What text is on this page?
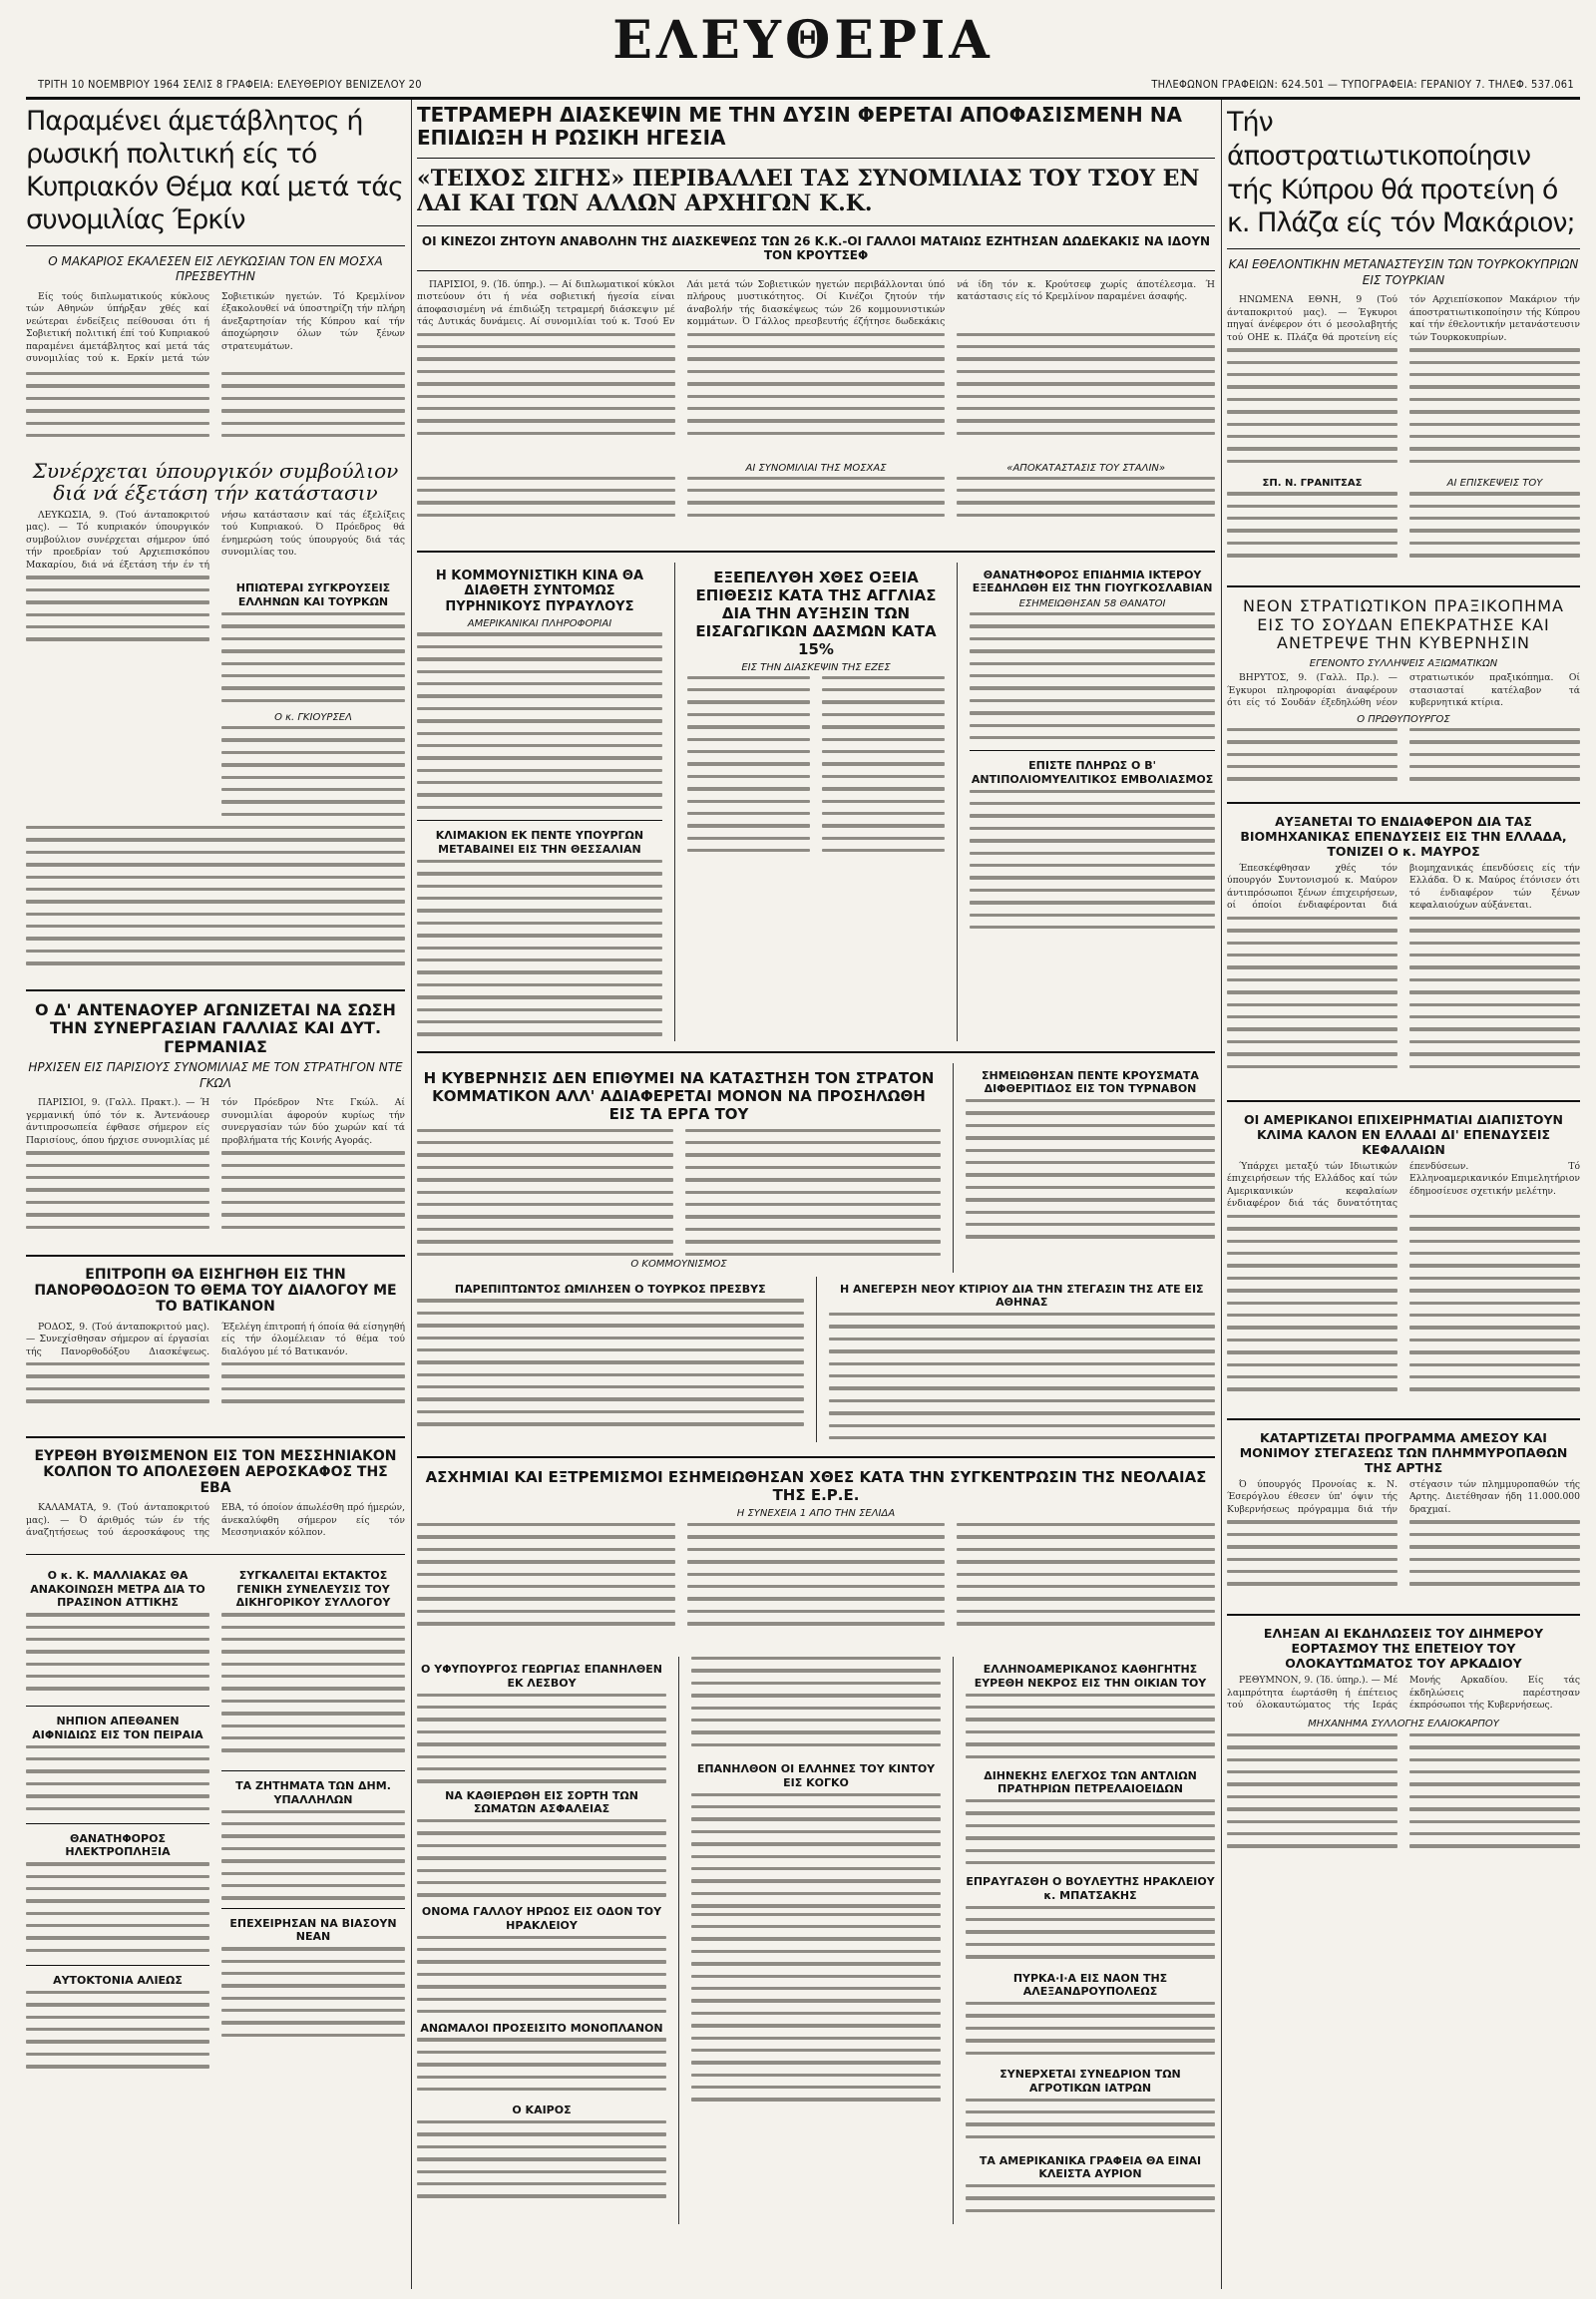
ΤΡΙΤΗ 10 ΝΟΕΜΒΡΙΟΥ 1964 ΣΕΛΙΣ 8 ΓΡΑΦΕΙΑ: ΕΛΕΥΘΕΡΙΟΥ ΒΕΝΙΖΕΛΟΥ 20
ΕΛΕΥΘΕΡΙΑ
ΤΗΛΕΦΩΝΟΝ ΓΡΑΦΕΙΩΝ: 624.501 — ΤΥΠΟΓΡΑΦΕΙΑ: ΓΕΡΑΝΙΟΥ 7. ΤΗΛΕΦ. 537.061
Παραμένει άμετάβλητος ή ρωσική πολιτική είς τό Κυπριακόν Θέμα καί μετά τάς συνομιλίας Έρκίν
Ο ΜΑΚΑΡΙΟΣ ΕΚΑΛΕΣΕΝ ΕΙΣ ΛΕΥΚΩΣΙΑΝ ΤΟΝ ΕΝ ΜΟΣΧΑ ΠΡΕΣΒΕΥΤΗΝ

Είς τούς διπλωματικούς κύκλους τών Αθηνών ύπήρξαν χθές καί νεώτεραι ένδείξεις πείθουσαι ότι ή Σοβιετική πολιτική έπί τού Κυπριακού παραμένει άμετάβλητος καί μετά τάς συνομιλίας τού κ. Ερκίν μετά τών Σοβιετικών ηγετών. Τό Κρεμλίνον έξακολουθεί νά ύποστηρίζη τήν πλήρη άνεξαρτησίαν τής Κύπρου καί τήν άποχώρησιν όλων τών ξένων στρατευμάτων.

Συνέρχεται ύπουργικόν συμβούλιον διά νά έξετάση τήν κατάστασιν

ΛΕΥΚΩΣΙΑ, 9. (Τού άνταποκριτού μας). — Τό κυπριακόν ύπουργικόν συμβούλιον συνέρχεται σήμερον ύπό τήν προεδρίαν τού Αρχιεπισκόπου Μακαρίου, διά νά έξετάση τήν έν τή νήσω κατάστασιν καί τάς έξελίξεις τού Κυπριακού. Ό Πρόεδρος θά ένημερώση τούς ύπουργούς διά τάς συνομιλίας του.

ΗΠΙΩΤΕΡΑΙ ΣΥΓΚΡΟΥΣΕΙΣ ΕΛΛΗΝΩΝ ΚΑΙ ΤΟΥΡΚΩΝ
Ο κ. ΓΚΙΟΥΡΣΕΛ
Ο Δ' ΑΝΤΕΝΑΟΥΕΡ ΑΓΩΝΙΖΕΤΑΙ ΝΑ ΣΩΣΗ ΤΗΝ ΣΥΝΕΡΓΑΣΙΑΝ ΓΑΛΛΙΑΣ ΚΑΙ ΔΥΤ. ΓΕΡΜΑΝΙΑΣ
ΗΡΧΙΣΕΝ ΕΙΣ ΠΑΡΙΣΙΟΥΣ ΣΥΝΟΜΙΛΙΑΣ ΜΕ ΤΟΝ ΣΤΡΑΤΗΓΟΝ ΝΤΕ ΓΚΩΛ

ΠΑΡΙΣΙΟΙ, 9. (Γαλλ. Πρακτ.). — Ή γερμανική ύπό τόν κ. Άντενάουερ άντιπροσωπεία έφθασε σήμερον είς Παρισίους, όπου ήρχισε συνομιλίας μέ τόν Πρόεδρον Ντε Γκώλ. Αί συνομιλίαι άφορούν κυρίως τήν συνεργασίαν τών δύο χωρών καί τά προβλήματα τής Κοινής Αγοράς.

ΕΠΙΤΡΟΠΗ ΘΑ ΕΙΣΗΓΗΘΗ ΕΙΣ ΤΗΝ ΠΑΝΟΡΘΟΔΟΞΟΝ ΤΟ ΘΕΜΑ ΤΟΥ ΔΙΑΛΟΓΟΥ ΜΕ ΤΟ ΒΑΤΙΚΑΝΟΝ

ΡΟΔΟΣ, 9. (Τού άνταποκριτού μας). — Συνεχίσθησαν σήμερον αί έργασίαι τής Πανορθοδόξου Διασκέψεως. Έξελέγη έπιτροπή ή όποία θά είσηγηθή είς τήν όλομέλειαν τό θέμα τού διαλόγου μέ τό Βατικανόν.

ΕΥΡΕΘΗ ΒΥΘΙΣΜΕΝΟΝ ΕΙΣ ΤΟΝ ΜΕΣΣΗΝΙΑΚΟΝ ΚΟΛΠΟΝ ΤΟ ΑΠΟΛΕΣΘΕΝ ΑΕΡΟΣΚΑΦΟΣ ΤΗΣ ΕΒΑ

ΚΑΛΑΜΑΤΑ, 9. (Τού άνταποκριτού μας). — Ό άριθμός τών έν τής άναζητήσεως τού άεροσκάφους της ΕΒΑ, τό όποίον άπωλέσθη πρό ήμερών, άνεκαλύφθη σήμερον είς τόν Μεσσηνιακόν κόλπον.

Ο κ. Κ. ΜΑΛΛΙΑΚΑΣ ΘΑ ΑΝΑΚΟΙΝΩΣΗ ΜΕΤΡΑ ΔΙΑ ΤΟ ΠΡΑΣΙΝΟΝ ΑΤΤΙΚΗΣ
ΝΗΠΙΟΝ ΑΠΕΘΑΝΕΝ ΑΙΦΝΙΔΙΩΣ ΕΙΣ ΤΟΝ ΠΕΙΡΑΙΑ
ΘΑΝΑΤΗΦΟΡΟΣ ΗΛΕΚΤΡΟΠΛΗΞΙΑ
ΑΥΤΟΚΤΟΝΙΑ ΑΛΙΕΩΣ
ΣΥΓΚΑΛΕΙΤΑΙ ΕΚΤΑΚΤΟΣ ΓΕΝΙΚΗ ΣΥΝΕΛΕΥΣΙΣ ΤΟΥ ΔΙΚΗΓΟΡΙΚΟΥ ΣΥΛΛΟΓΟΥ
ΤΑ ΖΗΤΗΜΑΤΑ ΤΩΝ ΔΗΜ. ΥΠΑΛΛΗΛΩΝ
ΕΠΕΧΕΙΡΗΣΑΝ ΝΑ ΒΙΑΣΟΥΝ ΝΕΑΝ
ΤΕΤΡΑΜΕΡΗ ΔΙΑΣΚΕΨΙΝ ΜΕ ΤΗΝ ΔΥΣΙΝ ΦΕΡΕΤΑΙ ΑΠΟΦΑΣΙΣΜΕΝΗ ΝΑ ΕΠΙΔΙΩΞΗ Η ΡΩΣΙΚΗ ΗΓΕΣΙΑ
«ΤΕΙΧΟΣ ΣΙΓΗΣ» ΠΕΡΙΒΑΛΛΕΙ ΤΑΣ ΣΥΝΟΜΙΛΙΑΣ ΤΟΥ ΤΣΟΥ ΕΝ ΛΑΙ ΚΑΙ ΤΩΝ ΑΛΛΩΝ ΑΡΧΗΓΩΝ Κ.Κ.
ΟΙ ΚΙΝΕΖΟΙ ΖΗΤΟΥΝ ΑΝΑΒΟΛΗΝ ΤΗΣ ΔΙΑΣΚΕΨΕΩΣ ΤΩΝ 26 Κ.Κ.-ΟΙ ΓΑΛΛΟΙ ΜΑΤΑΙΩΣ ΕΖΗΤΗΣΑΝ ΔΩΔΕΚΑΚΙΣ ΝΑ ΙΔΟΥΝ ΤΟΝ ΚΡΟΥΤΣΕΦ

ΠΑΡΙΣΙΟΙ, 9. (Ίδ. ύπηρ.). — Αί διπλωματικοί κύκλοι πιστεύουν ότι ή νέα σοβιετική ήγεσία είναι άποφασισμένη νά έπιδιώξη τετραμερή διάσκεψιν μέ τάς Δυτικάς δυνάμεις. Αί συνομιλίαι τού κ. Τσού Εν Λάι μετά τών Σοβιετικών ηγετών περιβάλλονται ύπό πλήρους μυστικότητος. Οί Κινέζοι ζητούν τήν άναβολήν τής διασκέψεως τών 26 κομμουνιστικών κομμάτων. Ό Γάλλος πρεσβευτής έζήτησε δωδεκάκις νά ίδη τόν κ. Κρούτσεφ χωρίς άποτέλεσμα. Ή κατάστασις είς τό Κρεμλίνον παραμένει άσαφής.

ΑΙ ΣΥΝΟΜΙΛΙΑΙ ΤΗΣ ΜΟΣΧΑΣ	«ΑΠΟΚΑΤΑΣΤΑΣΙΣ ΤΟΥ ΣΤΑΛΙΝ»
Η ΚΟΜΜΟΥΝΙΣΤΙΚΗ ΚΙΝΑ ΘΑ ΔΙΑΘΕΤΗ ΣΥΝΤΟΜΩΣ ΠΥΡΗΝΙΚΟΥΣ ΠΥΡΑΥΛΟΥΣ
ΑΜΕΡΙΚΑΝΙΚΑΙ ΠΛΗΡΟΦΟΡΙΑΙ
ΚΛΙΜΑΚΙΟΝ ΕΚ ΠΕΝΤΕ ΥΠΟΥΡΓΩΝ ΜΕΤΑΒΑΙΝΕΙ ΕΙΣ ΤΗΝ ΘΕΣΣΑΛΙΑΝ
ΕΞΕΠΕΛΥΘΗ ΧΘΕΣ ΟΞΕΙΑ ΕΠΙΘΕΣΙΣ ΚΑΤΑ ΤΗΣ ΑΓΓΛΙΑΣ ΔΙΑ ΤΗΝ ΑΥΞΗΣΙΝ ΤΩΝ ΕΙΣΑΓΩΓΙΚΩΝ ΔΑΣΜΩΝ ΚΑΤΑ 15%
ΕΙΣ ΤΗΝ ΔΙΑΣΚΕΨΙΝ ΤΗΣ ΕΖΕΣ
ΘΑΝΑΤΗΦΟΡΟΣ ΕΠΙΔΗΜΙΑ ΙΚΤΕΡΟΥ ΕΞΕΔΗΛΩΘΗ ΕΙΣ ΤΗΝ ΓΙΟΥΓΚΟΣΛΑΒΙΑΝ
ΕΣΗΜΕΙΩΘΗΣΑΝ 58 ΘΑΝΑΤΟΙ
ΕΠΙΣΤΕ ΠΛΗΡΩΣ Ο Β' ΑΝΤΙΠΟΛΙΟΜΥΕΛΙΤΙΚΟΣ ΕΜΒΟΛΙΑΣΜΟΣ
Η ΚΥΒΕΡΝΗΣΙΣ ΔΕΝ ΕΠΙΘΥΜΕΙ ΝΑ ΚΑΤΑΣΤΗΣΗ ΤΟΝ ΣΤΡΑΤΟΝ ΚΟΜΜΑΤΙΚΟΝ ΑΛΛ' ΑΔΙΑΦΕΡΕΤΑΙ ΜΟΝΟΝ ΝΑ ΠΡΟΣΗΛΩΘΗ ΕΙΣ ΤΑ ΕΡΓΑ ΤΟΥ
Ο ΚΟΜΜΟΥΝΙΣΜΟΣ
ΣΗΜΕΙΩΘΗΣΑΝ ΠΕΝΤΕ ΚΡΟΥΣΜΑΤΑ ΔΙΦΘΕΡΙΤΙΔΟΣ ΕΙΣ ΤΟΝ ΤΥΡΝΑΒΟΝ
ΠΑΡΕΠΙΠΤΩΝΤΟΣ ΩΜΙΛΗΣΕΝ Ο ΤΟΥΡΚΟΣ ΠΡΕΣΒΥΣ	Η ΑΝΕΓΕΡΣΗ ΝΕΟΥ ΚΤΙΡΙΟΥ ΔΙΑ ΤΗΝ ΣΤΕΓΑΣΙΝ ΤΗΣ ΑΤΕ ΕΙΣ ΑΘΗΝΑΣ
ΑΣΧΗΜΙΑΙ ΚΑΙ ΕΞΤΡΕΜΙΣΜΟΙ ΕΣΗΜΕΙΩΘΗΣΑΝ ΧΘΕΣ ΚΑΤΑ ΤΗΝ ΣΥΓΚΕΝΤΡΩΣΙΝ ΤΗΣ ΝΕΟΛΑΙΑΣ ΤΗΣ Ε.Ρ.Ε.
Η ΣΥΝΕΧΕΙΑ 1 ΑΠΟ ΤΗΝ ΣΕΛΙΔΑ
Ο ΥΦΥΠΟΥΡΓΟΣ ΓΕΩΡΓΙΑΣ ΕΠΑΝΗΛΘΕΝ ΕΚ ΛΕΣΒΟΥ
ΝΑ ΚΑΘΙΕΡΩΘΗ ΕΙΣ ΣΟΡΤΗ ΤΩΝ ΣΩΜΑΤΩΝ ΑΣΦΑΛΕΙΑΣ
ΟΝΟΜΑ ΓΑΛΛΟΥ ΗΡΩΟΣ ΕΙΣ ΟΔΟΝ ΤΟΥ ΗΡΑΚΛΕΙΟΥ
ΑΝΩΜΑΛΟΙ ΠΡΟΣΕΙΣΙΤΟ ΜΟΝΟΠΛΑΝΟΝ
Ο ΚΑΙΡΟΣ
ΕΠΑΝΗΛΘΟΝ ΟΙ ΕΛΛΗΝΕΣ ΤΟΥ ΚΙΝΤΟΥ ΕΙΣ ΚΟΓΚΟ
ΕΛΛΗΝΟΑΜΕΡΙΚΑΝΟΣ ΚΑΘΗΓΗΤΗΣ ΕΥΡΕΘΗ ΝΕΚΡΟΣ ΕΙΣ ΤΗΝ ΟΙΚΙΑΝ ΤΟΥ
ΔΙΗΝΕΚΗΣ ΕΛΕΓΧΟΣ ΤΩΝ ΑΝΤΛΙΩΝ ΠΡΑΤΗΡΙΩΝ ΠΕΤΡΕΛΑΙΟΕΙΔΩΝ
ΕΠΡΑΥΓΑΣΘΗ Ο ΒΟΥΛΕΥΤΗΣ ΗΡΑΚΛΕΙΟΥ κ. ΜΠΑΤΣΑΚΗΣ
ΠΥΡΚΑ·Ι·Α ΕΙΣ ΝΑΟΝ ΤΗΣ ΑΛΕΞΑΝΔΡΟΥΠΟΛΕΩΣ
ΣΥΝΕΡΧΕΤΑΙ ΣΥΝΕΔΡΙΟΝ ΤΩΝ ΑΓΡΟΤΙΚΩΝ ΙΑΤΡΩΝ
ΤΑ ΑΜΕΡΙΚΑΝΙΚΑ ΓΡΑΦΕΙΑ ΘΑ ΕΙΝΑΙ ΚΛΕΙΣΤΑ ΑΥΡΙΟΝ
Τήν άποστρατιωτικοποίησιν τής Κύπρου θά προτείνη ό κ. Πλάζα είς τόν Μακάριον;
ΚΑΙ ΕΘΕΛΟΝΤΙΚΗΝ ΜΕΤΑΝΑΣΤΕΥΣΙΝ ΤΩΝ ΤΟΥΡΚΟΚΥΠΡΙΩΝ ΕΙΣ ΤΟΥΡΚΙΑΝ

ΗΝΩΜΕΝΑ ΕΘΝΗ, 9 (Τού άνταποκριτού μας). — Έγκυροι πηγαί άνέφερον ότι ό μεσολαβητής τού ΟΗΕ κ. Πλάζα θά προτείνη είς τόν Αρχιεπίσκοπον Μακάριον τήν άποστρατιωτικοποίησιν τής Κύπρου καί τήν έθελοντικήν μετανάστευσιν τών Τουρκοκυπρίων.

ΣΠ. Ν. ΓΡΑΝΙΤΣΑΣ	ΑΙ ΕΠΙΣΚΕΨΕΙΣ ΤΟΥ
ΝΕΟΝ ΣΤΡΑΤΙΩΤΙΚΟΝ ΠΡΑΞΙΚΟΠΗΜΑ ΕΙΣ ΤΟ ΣΟΥΔΑΝ ΕΠΕΚΡΑΤΗΣΕ ΚΑΙ ΑΝΕΤΡΕΨΕ ΤΗΝ ΚΥΒΕΡΝΗΣΙΝ
ΕΓΕΝΟΝΤΟ ΣΥΛΛΗΨΕΙΣ ΑΞΙΩΜΑΤΙΚΩΝ

ΒΗΡΥΤΟΣ, 9. (Γαλλ. Πρ.). — Έγκυροι πληροφορίαι άναφέρουν ότι είς τό Σουδάν έξεδηλώθη νέον στρατιωτικόν πραξικόπημα. Οί στασιασταί κατέλαβον τά κυβερνητικά κτίρια.

Ο ΠΡΩΘΥΠΟΥΡΓΟΣ
ΑΥΞΑΝΕΤΑΙ ΤΟ ΕΝΔΙΑΦΕΡΟΝ ΔΙΑ ΤΑΣ ΒΙΟΜΗΧΑΝΙΚΑΣ ΕΠΕΝΔΥΣΕΙΣ ΕΙΣ ΤΗΝ ΕΛΛΑΔΑ, ΤΟΝΙΖΕΙ Ο κ. ΜΑΥΡΟΣ

Έπεσκέφθησαν χθές τόν ύπουργόν Συντονισμού κ. Μαύρον άντιπρόσωποι ξένων έπιχειρήσεων, οί όποίοι ένδιαφέρονται διά βιομηχανικάς έπενδύσεις είς τήν Ελλάδα. Ό κ. Μαύρος έτόνισεν ότι τό ένδιαφέρον τών ξένων κεφαλαιούχων αύξάνεται.

ΟΙ ΑΜΕΡΙΚΑΝΟΙ ΕΠΙΧΕΙΡΗΜΑΤΙΑΙ ΔΙΑΠΙΣΤΟΥΝ ΚΛΙΜΑ ΚΑΛΟΝ ΕΝ ΕΛΛΑΔΙ ΔΙ' ΕΠΕΝΔΥΣΕΙΣ ΚΕΦΑΛΑΙΩΝ

Ύπάρχει μεταξύ τών Ιδιωτικών έπιχειρήσεων τής Ελλάδος καί τών Αμερικανικών κεφαλαίων ένδιαφέρον διά τάς δυνατότητας έπενδύσεων. Τό Ελληνοαμερικανικόν Επιμελητήριον έδημοσίευσε σχετικήν μελέτην.

ΚΑΤΑΡΤΙΖΕΤΑΙ ΠΡΟΓΡΑΜΜΑ ΑΜΕΣΟΥ ΚΑΙ ΜΟΝΙΜΟΥ ΣΤΕΓΑΣΕΩΣ ΤΩΝ ΠΛΗΜΜΥΡΟΠΑΘΩΝ ΤΗΣ ΑΡΤΗΣ

Ό ύπουργός Προνοίας κ. Ν. Έσερόγλου έθεσεν ύπ' όψιν τής Κυβερνήσεως πρόγραμμα διά τήν στέγασιν τών πλημμυροπαθών τής Αρτης. Διετέθησαν ήδη 11.000.000 δραχμαί.

ΕΛΗΞΑΝ ΑΙ ΕΚΔΗΛΩΣΕΙΣ ΤΟΥ ΔΙΗΜΕΡΟΥ ΕΟΡΤΑΣΜΟΥ ΤΗΣ ΕΠΕΤΕΙΟΥ ΤΟΥ ΟΛΟΚΑΥΤΩΜΑΤΟΣ ΤΟΥ ΑΡΚΑΔΙΟΥ

ΡΕΘΥΜΝΟΝ, 9. (Ίδ. ύπηρ.). — Μέ λαμπρότητα έωρτάσθη ή έπέτειος τού όλοκαυτώματος τής Ιεράς Μονής Αρκαδίου. Είς τάς έκδηλώσεις παρέστησαν έκπρόσωποι τής Κυβερνήσεως.

ΜΗΧΑΝΗΜΑ ΣΥΛΛΟΓΗΣ ΕΛΑΙΟΚΑΡΠΟΥ
